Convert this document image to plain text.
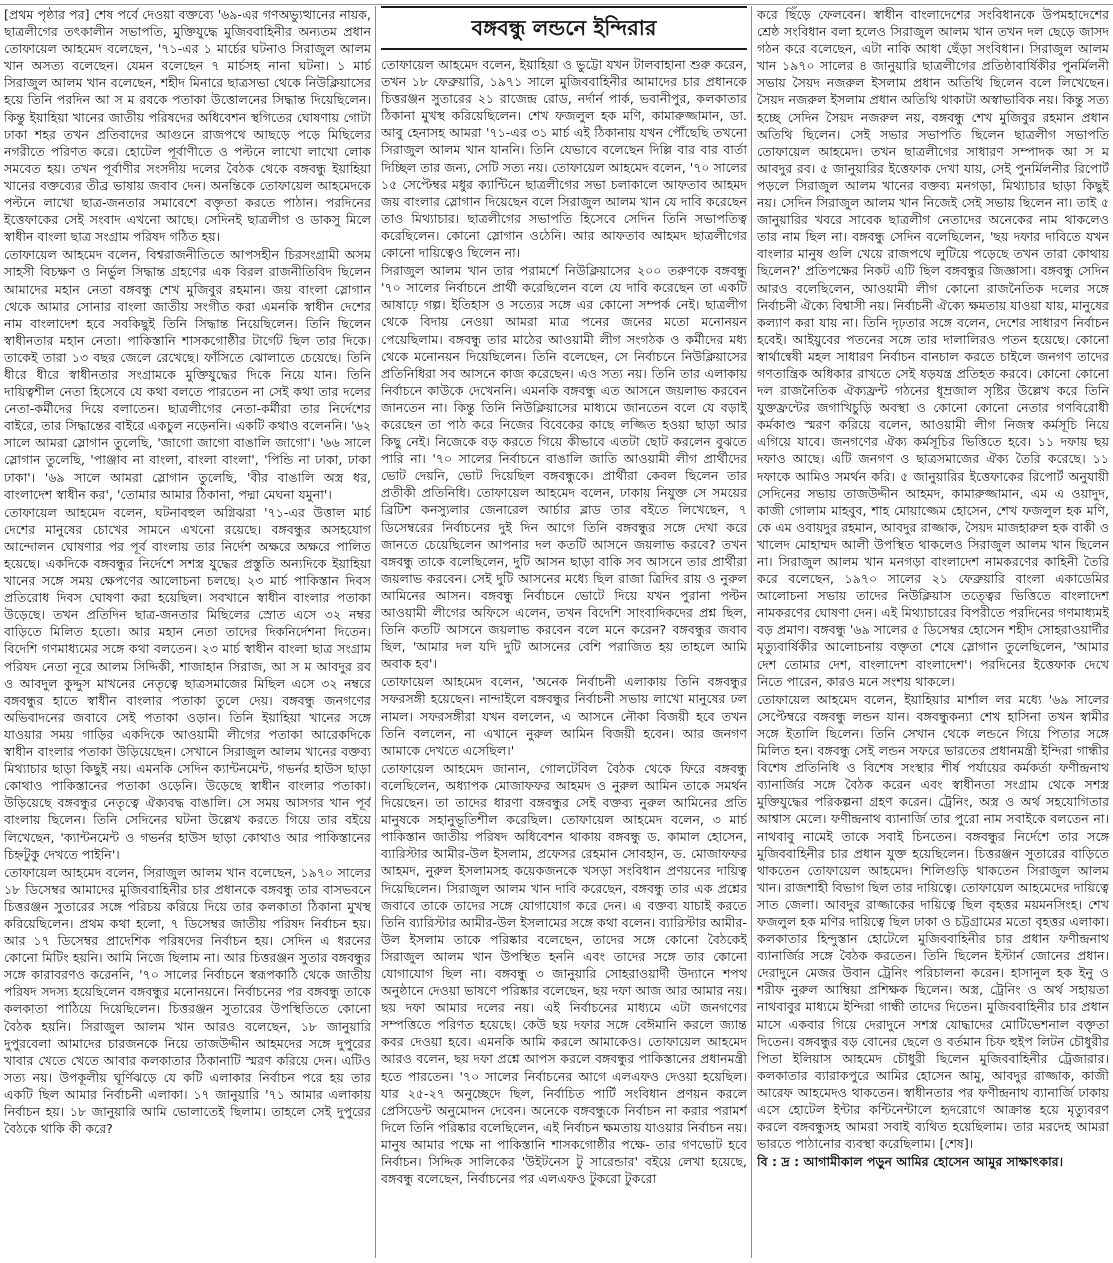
[প্রথম পৃষ্ঠার পর] শেষ পর্বে দেওয়া বক্তব্যে '৬৯-এর গণঅভ্যুত্থানের নায়ক, ছাত্রলীগের তৎকালীন সভাপতি, মুক্তিযুদ্ধে মুজিববাহিনীর অন্যতম প্রধান তোফায়েল আহমেদ বলেছেন, '৭১-এর ১ মার্চের ঘটনাও সিরাজুল আলম খান অসত্য বলেছেন। যেমন বলেছেন ৭ মার্চসহ নানা ঘটনা। ১ মার্চ সিরাজুল আলম খান বলেছেন, শহীদ মিনারে ছাত্রসভা থেকে নিউক্লিয়াসের হয়ে তিনি পরদিন আ স ম রবকে পতাকা উত্তোলনের সিদ্ধান্ত দিয়েছিলেন। কিন্তু ইয়াহিয়া খানের জাতীয় পরিষদের অধিবেশন স্থগিতের ঘোষণায় গোটা ঢাকা শহর তখন প্রতিবাদের আগুনে রাজপথে আছড়ে পড়ে মিছিলের নগরীতে পরিণত করে। হোটেল পূর্বাণীতে ও পল্টনে লাখো লাখো লোক সমবেত হয়। তখন পূর্বাণীর সংসদীয় দলের বৈঠক থেকে বঙ্গবন্ধু ইয়াহিয়া খানের বক্তব্যের তীব্র ভাষায় জবাব দেন। অনন্তিকে তোফায়েল আহমেদকে পল্টনে লাখো ছাত্র-জনতার সমাবেশে বক্তৃতা করতে পাঠান। পরদিনের ইত্তেফাকের সেই সংবাদ এখনো আছে। সেদিনই ছাত্রলীগ ও ডাকসু মিলে স্বাধীন বাংলা ছাত্র সংগ্রাম পরিষদ গঠিত হয়।

তোফায়েল আহমেদ বলেন, বিশ্বরাজনীতিতে আপসহীন চিরসংগ্রামী অসম সাহসী বিচক্ষণ ও নির্ভুল সিদ্ধান্ত গ্রহণের এক বিরল রাজনীতিবিদ ছিলেন আমাদের মহান নেতা বঙ্গবন্ধু শেখ মুজিবুর রহমান। জয় বাংলা স্লোগান থেকে আমার সোনার বাংলা জাতীয় সংগীত করা এমনকি স্বাধীন দেশের নাম বাংলাদেশ হবে সবকিছুই তিনি সিদ্ধান্ত নিয়েছিলেন। তিনি ছিলেন স্বাধীনতার মহান নেতা। পাকিস্তানি শাসকগোষ্ঠীর টার্গেট ছিল তার দিকে। তাকেই তারা ১৩ বছর জেলে রেখেছে। ফাঁসিতে ঝোলাতে চেয়েছে। তিনি ধীরে ধীরে স্বাধীনতার সংগ্রামকে মুক্তিযুদ্ধের দিকে নিয়ে যান। তিনি দায়িত্বশীল নেতা হিসেবে যে কথা বলতে পারতেন না সেই কথা তার দলের নেতা-কর্মীদের দিয়ে বলাতেন। ছাত্রলীগের নেতা-কর্মীরা তার নির্দেশের বাইরে, তার সিদ্ধান্তের বাইরে একচুল নড়েননি। একটি কথাও বলেননি। '৬২ সালে আমরা স্লোগান তুলেছি, 'জাগো জাগো বাঙালি জাগো'। '৬৬ সালে স্লোগান তুলেছি, 'পাঞ্জাব না বাংলা, বাংলা বাংলা', 'পিন্ডি না ঢাকা, ঢাকা ঢাকা'। '৬৯ সালে আমরা স্লোগান তুলেছি, 'বীর বাঙালি অস্ত্র ধর, বাংলাদেশ স্বাধীন কর', 'তোমার আমার ঠিকানা, পদ্মা মেঘনা যমুনা'।

তোফায়েল আহমেদ বলেন, ঘটনাবহুল অগ্নিঝরা '৭১-এর উত্তাল মার্চ দেশের মানুষের চোখের সামনে এখনো রয়েছে। বঙ্গবন্ধুর অসহযোগ আন্দোলন ঘোষণার পর পূর্ব বাংলায় তার নির্দেশ অক্ষরে অক্ষরে পালিত হয়েছে। একদিকে বঙ্গবন্ধুর নির্দেশে সশস্ত্র যুদ্ধের প্রস্তুতি অন্যদিকে ইয়াহিয়া খানের সঙ্গে সময় ক্ষেপণের আলোচনা চলছে। ২৩ মার্চ পাকিস্তান দিবস প্রতিরোধ দিবস ঘোষণা করা হয়েছিল। সবখানে স্বাধীন বাংলার পতাকা উড়েছে। তখন প্রতিদিন ছাত্র-জনতার মিছিলের স্রোত এসে ৩২ নম্বর বাড়িতে মিলিত হতো। আর মহান নেতা তাদের দিকনির্দেশনা দিতেন। বিদেশি গণমাধ্যমের সঙ্গে কথা বলতেন। ২৩ মার্চ স্বাধীন বাংলা ছাত্র সংগ্রাম পরিষদ নেতা নূরে আলম সিদ্দিকী, শাজাহান সিরাজ, আ স ম আবদুর রব ও আবদুল কুদ্দুস মাখনের নেতৃত্বে ছাত্রসমাজের মিছিল এসে ৩২ নম্বরে বঙ্গবন্ধুর হাতে স্বাধীন বাংলার পতাকা তুলে দেয়। বঙ্গবন্ধু জনগণের অভিবাদনের জবাবে সেই পতাকা ওড়ান। তিনি ইয়াহিয়া খানের সঙ্গে যাওয়ার সময় গাড়ির একদিকে আওয়ামী লীগের পতাকা আরেকদিকে স্বাধীন বাংলার পতাকা উড়িয়েছেন। সেখানে সিরাজুল আলম খানের বক্তব্য মিথ্যাচার ছাড়া কিছুই নয়। এমনকি সেদিন ক্যান্টনমেন্ট, গভর্নর হাউস ছাড়া কোথাও পাকিস্তানের পতাকা ওড়েনি। উড়েছে স্বাধীন বাংলার পতাকা। উড়িয়েছে বঙ্গবন্ধুর নেতৃত্বে ঐক্যবদ্ধ বাঙালি। সে সময় আসগর খান পূর্ব বাংলায় ছিলেন। তিনি সেদিনের ঘটনা উল্লেখ করতে গিয়ে তার বইয়ে লিখেছেন, 'ক্যান্টনমেন্ট ও গভর্নর হাউস ছাড়া কোথাও আর পাকিস্তানের চিহ্নটুকু দেখতে পাইনি'।

তোফায়েল আহমেদ বলেন, সিরাজুল আলম খান বলেছেন, ১৯৭০ সালের ১৮ ডিসেম্বর আমাদের মুজিববাহিনীর চার প্রধানকে বঙ্গবন্ধু তার বাসভবনে চিত্তরঞ্জন সুতারের সঙ্গে পরিচয় করিয়ে দিয়ে তার কলকাতা ঠিকানা মুখস্থ করিয়েছিলেন। প্রথম কথা হলো, ৭ ডিসেম্বর জাতীয় পরিষদ নির্বাচন হয়। আর ১৭ ডিসেম্বর প্রাদেশিক পরিষদের নির্বাচন হয়। সেদিন এ ধরনের কোনো মিটিং হয়নি। আমি নিজে ছিলাম না। আর চিত্তরঞ্জন সুতার বঙ্গবন্ধুর সঙ্গে কারাবরণও করেননি, '৭০ সালের নির্বাচনে স্বরূপকাঠি থেকে জাতীয় পরিষদ সদস্য হয়েছিলেন বঙ্গবন্ধুর মনোনয়নে। নির্বাচনের পর বঙ্গবন্ধু তাকে কলকাতা পাঠিয়ে দিয়েছিলেন। চিত্তরঞ্জন সুতারের উপস্থিতিতে কোনো বৈঠক হয়নি। সিরাজুল আলম খান আরও বলেছেন, ১৮ জানুয়ারি দুপুরবেলা আমাদের চারজনকে নিয়ে তাজউদ্দীন আহমদের সঙ্গে দুপুরের খাবার খেতে খেতে আবার কলকাতার ঠিকানাটি স্মরণ করিয়ে দেন। এটিও সত্য নয়। উপকূলীয় ঘূর্ণিঝড়ে যে কটি এলাকার নির্বাচন পরে হয় তার একটি ছিল আমার নির্বাচনী এলাকা। ১৭ জানুয়ারি '৭১ আমার এলাকায় নির্বাচন হয়। ১৮ জানুয়ারি আমি ভোলাতেই ছিলাম। তাহলে সেই দুপুরের বৈঠকে থাকি কী করে?

বঙ্গবন্ধু লন্ডনে ইন্দিরার

তোফায়েল আহমেদ বলেন, ইয়াহিয়া ও ভুট্টো যখন টালবাহানা শুরু করেন, তখন ১৮ ফেব্রুয়ারি, ১৯৭১ সালে মুজিববাহিনীর আমাদের চার প্রধানকে চিত্তরঞ্জন সুতারের ২১ রাজেন্দ্র রোড, নর্দার্ন পার্ক, ভবানীপুর, কলকাতার ঠিকানা মুখস্থ করিয়েছিলেন। শেখ ফজলুল হক মণি, কামারুজ্জামান, ডা. আবু হেনাসহ আমরা '৭১-এর ৩১ মার্চ এই ঠিকানায় যখন পৌঁছেছি তখনো সিরাজুল আলম খান যাননি। তিনি যেভাবে বলেছেন দিল্লি বার বার বার্তা দিচ্ছিল তার জন্য, সেটি সত্য নয়। তোফায়েল আহমেদ বলেন, '৭০ সালের ১৫ সেপ্টেম্বর মধুর ক্যান্টিনে ছাত্রলীগের সভা চলাকালে আফতাব আহমদ জয় বাংলার স্লোগান দিয়েছেন বলে সিরাজুল আলম খান যে দাবি করেছেন তাও মিথ্যাচার। ছাত্রলীগের সভাপতি হিসেবে সেদিন তিনি সভাপতিত্ব করেছিলেন। কোনো স্লোগান ওঠেনি। আর আফতাব আহমদ ছাত্রলীগের কোনো দায়িত্বেও ছিলেন না।

সিরাজুল আলম খান তার পরামর্শে নিউক্লিয়াসের ২০০ তরুণকে বঙ্গবন্ধু '৭০ সালের নির্বাচনে প্রার্থী করেছিলেন বলে যে দাবি করেছেন তা একটি আষাঢ়ে গল্প। ইতিহাস ও সত্যের সঙ্গে এর কোনো সম্পর্ক নেই। ছাত্রলীগ থেকে বিদায় নেওয়া আমরা মাত্র পনের জনের মতো মনোনয়ন পেয়েছিলাম। বঙ্গবন্ধু তার মাঠের আওয়ামী লীগ সংগঠক ও কর্মীদের মধ্য থেকে মনোনয়ন দিয়েছিলেন। তিনি বলেছেন, সে নির্বাচনে নিউক্লিয়াসের প্রতিনিধিরা সব আসনে কাজ করেছেন। এও সত্য নয়। তিনি তার এলাকায় নির্বাচনে কাউকে দেখেননি। এমনকি বঙ্গবন্ধু এত আসনে জয়লাভ করবেন জানতেন না। কিন্তু তিনি নিউক্লিয়াসের মাধ্যমে জানতেন বলে যে বড়াই করেছেন তা পাঠ করে নিজের বিবেকের কাছে লজ্জিত হওয়া ছাড়া আর কিছু নেই। নিজেকে বড় করতে গিয়ে কীভাবে এতটা ছোট করলেন বুঝতে পারি না। '৭০ সালের নির্বাচনে বাঙালি জাতি আওয়ামী লীগ প্রার্থীদের ভোট দেয়নি, ভোট দিয়েছিল বঙ্গবন্ধুকে। প্রার্থীরা কেবল ছিলেন তার প্রতীকী প্রতিনিধি। তোফায়েল আহমেদ বলেন, ঢাকায় নিযুক্ত সে সময়ের ব্রিটিশ কনস্যুলার জেনারেল আর্চার ব্লাড তার বইতে লিখেছেন, ৭ ডিসেম্বরের নির্বাচনের দুই দিন আগে তিনি বঙ্গবন্ধুর সঙ্গে দেখা করে জানতে চেয়েছিলেন আপনার দল কতটি আসনে জয়লাভ করবে? তখন বঙ্গবন্ধু তাকে বলেছিলেন, দুটি আসন ছাড়া বাকি সব আসনে তার প্রার্থীরা জয়লাভ করবেন। সেই দুটি আসনের মধ্যে ছিল রাজা ত্রিদিব রায় ও নুরুল আমিনের আসন। বঙ্গবন্ধু নির্বাচনে ভোটে দিয়ে যখন পুরানা পল্টন আওয়ামী লীগের অফিসে এলেন, তখন বিদেশি সাংবাদিকদের প্রশ্ন ছিল, তিনি কতটি আসনে জয়লাভ করবেন বলে মনে করেন? বঙ্গবন্ধুর জবাব ছিল, 'আমার দল যদি দুটি আসনের বেশি পরাজিত হয় তাহলে আমি অবাক হব'।

তোফায়েল আহমেদ বলেন, 'অনেক নির্বাচনী এলাকায় তিনি বঙ্গবন্ধুর সফরসঙ্গী হয়েছেন। নান্দাইলে বঙ্গবন্ধুর নির্বাচনী সভায় লাখো মানুষের ঢল নামল। সফরসঙ্গীরা যখন বললেন, এ আসনে নৌকা বিজয়ী হবে তখন তিনি বললেন, না এখানে নুরুল আমিন বিজয়ী হবেন। আর জনগণ আমাকে দেখতে এসেছিল।'

তোফায়েল আহমেদ জানান, গোলটেবিল বৈঠক থেকে ফিরে বঙ্গবন্ধু বলেছিলেন, অধ্যাপক মোজাফফর আহমদ ও নুরুল আমিন তাকে সমর্থন দিয়েছেন। তা তাদের ধারণা বঙ্গবন্ধুর সেই বক্তব্য নুরুল আমিনের প্রতি মানুষকে সহানুভূতিশীল করেছিল। তোফায়েল আহমেদ বলেন, ৩ মার্চ পাকিস্তান জাতীয় পরিষদ অধিবেশন থাকায় বঙ্গবন্ধু ড. কামাল হোসেন, ব্যারিস্টার আমীর-উল ইসলাম, প্রফেসর রেহমান সোবহান, ড. মোজাফফর আহমদ, নুরুল ইসলামসহ কয়েকজনকে খসড়া সংবিধান প্রণয়নের দায়িত্ব দিয়েছিলেন। সিরাজুল আলম খান দাবি করেছেন, বঙ্গবন্ধু তার এক প্রশ্নের জবাবে তাকে তাদের সঙ্গে যোগাযোগ করে দেন। এ বক্তব্য যাচাই করতে তিনি ব্যারিস্টার আমীর-উল ইসলামের সঙ্গে কথা বলেন। ব্যারিস্টার আমীর-উল ইসলাম তাকে পরিষ্কার বলেছেন, তাদের সঙ্গে কোনো বৈঠকেই সিরাজুল আলম খান উপস্থিত হননি এবং তাদের সঙ্গে তার কোনো যোগাযোগ ছিল না। বঙ্গবন্ধু ৩ জানুয়ারি সোহরাওয়ার্দী উদ্যানে শপথ অনুষ্ঠানে দেওয়া ভাষণে পরিষ্কার বলেছেন, ছয় দফা আজ আর আমার নয়। ছয় দফা আমার দলের নয়। এই নির্বাচনের মাধ্যমে এটা জনগণের সম্পত্তিতে পরিণত হয়েছে। কেউ ছয় দফার সঙ্গে বেঈমানি করলে জ্যান্ত কবর দেওয়া হবে। এমনকি আমি করলে আমাকেও। তোফায়েল আহমেদ আরও বলেন, ছয় দফা প্রশ্নে আপস করলে বঙ্গবন্ধুর পাকিস্তানের প্রধানমন্ত্রী হতে পারতেন। '৭০ সালের নির্বাচনের আগে এলএফও দেওয়া হয়েছিল। যার ২৫-২৭ অনুচ্ছেদে ছিল, নির্বাচিত পার্টি সংবিধান প্রণয়ন করলে প্রেসিডেন্ট অনুমোদন দেবেন। অনেকে বঙ্গবন্ধুকে নির্বাচন না করার পরামর্শ দিলে তিনি পরিষ্কার বলেছিলেন, এই নির্বাচন ক্ষমতায় যাওয়ার নির্বাচন নয়। মানুষ আমার পক্ষে না পাকিস্তানি শাসকগোষ্ঠীর পক্ষে- তার গণভোট হবে নির্বাচন। সিদ্দিক সালিকের 'উইটনেস টু সারেন্ডার' বইয়ে লেখা হয়েছে, বঙ্গবন্ধু বলেছেন, নির্বাচনের পর এলএফও টুকরো টুকরো

করে ছিঁড়ে ফেলবেন। স্বাধীন বাংলাদেশের সংবিধানকে উপমহাদেশের শ্রেষ্ঠ সংবিধান বলা হলেও সিরাজুল আলম খান তখন দল ছেড়ে জাসদ গঠন করে বলেছেন, এটা নাকি আধা ছেঁড়া সংবিধান। সিরাজুল আলম খান ১৯৭০ সালের ৪ জানুয়ারি ছাত্রলীগের প্রতিষ্ঠাবার্ষিকীর পুনর্মিলনী সভায় সৈয়দ নজরুল ইসলাম প্রধান অতিথি ছিলেন বলে লিখেছেন। সৈয়দ নজরুল ইসলাম প্রধান অতিথি থাকাটা অস্বাভাবিক নয়। কিন্তু সত্য হচ্ছে সেদিন সৈয়দ নজরুল নয়, বঙ্গবন্ধু শেখ মুজিবুর রহমান প্রধান অতিথি ছিলেন। সেই সভার সভাপতি ছিলেন ছাত্রলীগ সভাপতি তোফায়েল আহমেদ। তখন ছাত্রলীগের সাধারণ সম্পাদক আ স ম আবদুর রব। ৫ জানুয়ারির ইত্তেফাক দেখা যায়, সেই পুনর্মিলনীর রিপোর্ট পড়লে সিরাজুল আলম খানের বক্তব্য মনগড়া, মিথ্যাচার ছাড়া কিছুই নয়। সেদিন সিরাজুল আলম খান নিজেই সেই সভায় ছিলেন না। তাই ৫ জানুয়ারির খবরে সাবেক ছাত্রলীগ নেতাদের অনেকের নাম থাকলেও তার নাম ছিল না। বঙ্গবন্ধু সেদিন বলেছিলেন, 'ছয় দফার দাবিতে যখন বাংলার মানুষ গুলি খেয়ে রাজপথে লুটিয়ে পড়েছে তখন তারা কোথায় ছিলেন?' প্রতিপক্ষের নিকট এটি ছিল বঙ্গবন্ধুর জিজ্ঞাসা। বঙ্গবন্ধু সেদিন আরও বলেছিলেন, আওয়ামী লীগ কোনো রাজনৈতিক দলের সঙ্গে নির্বাচনী ঐক্যে বিশ্বাসী নয়। নির্বাচনী ঐক্যে ক্ষমতায় যাওয়া যায়, মানুষের কল্যাণ করা যায় না। তিনি দৃঢ়তার সঙ্গে বলেন, দেশের সাধারণ নির্বাচন হবেই। আইয়ুবের পতনের সঙ্গে তার দালালিরও পতন হয়েছে। কোনো স্বার্থান্বেষী মহল সাধারণ নির্বাচন বানচাল করতে চাইলে জনগণ তাদের গণতান্ত্রিক অধিকার রাখতে সেই ষড়যন্ত্র প্রতিহত করবে। কোনো কোনো দল রাজনৈতিক ঐক্যফ্রন্ট গঠনের ধূম্রজাল সৃষ্টির উল্লেখ করে তিনি যুক্তফ্রন্টের জগাখিচুড়ি অবস্থা ও কোনো কোনো নেতার গণবিরোধী কর্মকাণ্ড স্মরণ করিয়ে বলেন, আওয়ামী লীগ নিজস্ব কর্মসূচি নিয়ে এগিয়ে যাবে। জনগণের ঐক্য কর্মসূচির ভিত্তিতে হবে। ১১ দফায় ছয় দফাও আছে। এটি জনগণ ও ছাত্রসমাজের ঐক্য তৈরি করেছে। ১১ দফাকে আমিও সমর্থন করি। ৫ জানুয়ারির ইত্তেফাকের রিপোর্ট অনুযায়ী সেদিনের সভায় তাজউদ্দীন আহমদ, কামারুজ্জামান, এম এ ওয়াদুদ, কাজী গোলাম মাহবুব, শাহ মোয়াজ্জেম হোসেন, শেখ ফজলুল হক মণি, কে এম ওবায়দুর রহমান, আবদুর রাজ্জাক, সৈয়দ মাজহারুল হক বাকী ও খালেদ মোহাম্মদ আলী উপস্থিত থাকলেও সিরাজুল আলম খান ছিলেন না। সিরাজুল আলম খান মনগড়া বাংলাদেশ নামকরণের কাহিনী তৈরি করে বলেছেন, ১৯৭০ সালের ২১ ফেব্রুয়ারি বাংলা একাডেমির আলোচনা সভায় তাদের নিউক্লিয়াস তত্ত্বের ভিত্তিতে বাংলাদেশ নামকরণের ঘোষণা দেন। এই মিথ্যাচারের বিপরীতে পরদিনের গণমাধ্যমই বড় প্রমাণ। বঙ্গবন্ধু '৬৯ সালের ৫ ডিসেম্বর হোসেন শহীদ সোহরাওয়ার্দীর মৃত্যুবার্ষিকীর আলোচনায় বক্তৃতা শেষে স্লোগান তুলেছিলেন, 'আমার দেশ তোমার দেশ, বাংলাদেশ বাংলাদেশ'। পরদিনের ইত্তেফাক দেখে নিতে পারেন, কারও মনে সংশয় থাকলে।

তোফায়েল আহমেদ বলেন, ইয়াহিয়ার মার্শাল লর মধ্যে '৬৯ সালের সেপ্টেম্বরে বঙ্গবন্ধু লন্ডন যান। বঙ্গবন্ধুকন্যা শেখ হাসিনা তখন স্বামীর সঙ্গে ইতালি ছিলেন। তিনি সেখান থেকে লন্ডনে গিয়ে পিতার সঙ্গে মিলিত হন। বঙ্গবন্ধু সেই লন্ডন সফরে ভারতের প্রধানমন্ত্রী ইন্দিরা গান্ধীর বিশেষ প্রতিনিধি ও বিশেষ সংস্থার শীর্ষ পর্যায়ের কর্মকর্তা ফণীন্দ্রনাথ ব্যানার্জির সঙ্গে বৈঠক করেন এবং স্বাধীনতা সংগ্রাম থেকে সশস্ত্র মুক্তিযুদ্ধের পরিকল্পনা গ্রহণ করেন। ট্রেনিং, অস্ত্র ও অর্থ সহযোগিতার আশ্বাস মেলে। ফণীন্দ্রনাথ ব্যানার্জি তার পুরো নাম সবাইকে বলতেন না। নাথবাবু নামেই তাকে সবাই চিনতেন। বঙ্গবন্ধুর নির্দেশে তার সঙ্গে মুজিববাহিনীর চার প্রধান যুক্ত হয়েছিলেন। চিত্তরঞ্জন সুতারের বাড়িতে থাকতেন তোফায়েল আহমেদ। শিলিগুড়ি থাকতেন সিরাজুল আলম খান। রাজশাহী বিভাগ ছিল তার দায়িত্বে। তোফায়েল আহমেদের দায়িত্বে সাত জেলা। আবদুর রাজ্জাকের দায়িত্বে ছিল বৃহত্তর ময়মনসিংহ। শেখ ফজলুল হক মণির দায়িত্বে ছিল ঢাকা ও চট্টগ্রামের মতো বৃহত্তর এলাকা। কলকাতার হিন্দুস্তান হোটেলে মুজিববাহিনীর চার প্রধান ফণীন্দ্রনাথ ব্যানার্জির সঙ্গে বৈঠক করতেন। তিনি ছিলেন ইস্টার্ন জোনের প্রধান। দেরাদুনে মেজর উবান ট্রেনিং পরিচালনা করেন। হাসানুল হক ইনু ও শরীফ নুরুল আম্বিয়া প্রশিক্ষক ছিলেন। অস্ত্র, ট্রেনিং ও অর্থ সহায়তা নাথবাবুর মাধ্যমে ইন্দিরা গান্ধী তাদের দিতেন। মুজিববাহিনীর চার প্রধান মাসে একবার গিয়ে দেরাদুনে সশস্ত্র যোদ্ধাদের মোটিভেশনাল বক্তৃতা দিতেন। বঙ্গবন্ধুর বড় বোনের ছেলে ও বর্তমান চিফ হুইপ লিটন চৌধুরীর পিতা ইলিয়াস আহমেদ চৌধুরী ছিলেন মুজিববাহিনীর ট্রেজারার। কলকাতার ব্যারাকপুরে আমির হোসেন আমু, আবদুর রাজ্জাক, কাজী আরেফ আহমেদও থাকতেন। স্বাধীনতার পর ফণীন্দ্রনাথ ব্যানার্জি ঢাকায় এসে হোটেল ইন্টার কন্টিনেন্টালে হৃদরোগে আক্রান্ত হয়ে মৃত্যুবরণ করলে বঙ্গবন্ধুসহ আমরা সবাই ব্যথিত হয়েছিলাম। তার মরদেহ আমরা ভারতে পাঠানোর ব্যবস্থা করেছিলাম। [শেষ]।

বি : দ্র : আগামীকাল পড়ুন আমির হোসেন আমুর সাক্ষাৎকার।
